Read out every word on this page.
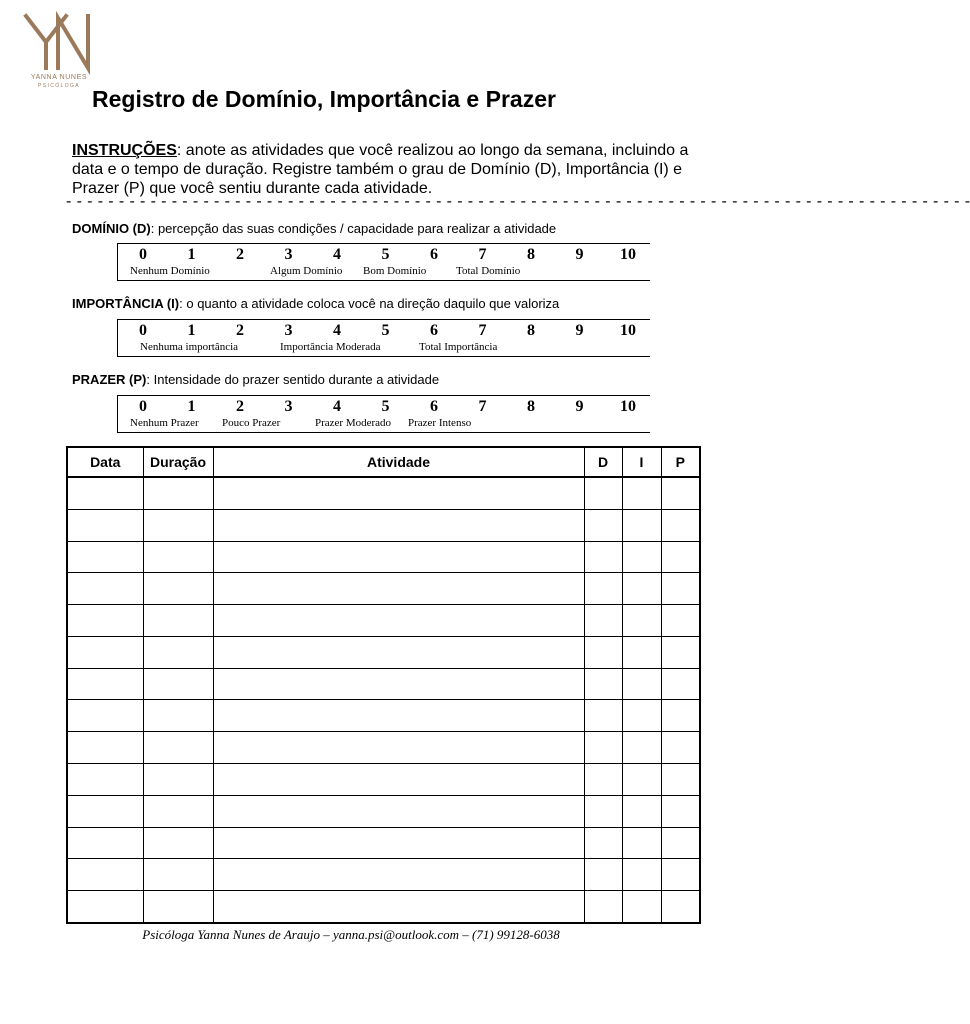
YANNA NUNES
PSICÓLOGA Registro de Domínio, Importância e Prazer
INSTRUÇÕES: anote as atividades que você realizou ao longo da semana, incluindo a data e o tempo de duração. Registre também o grau de Domínio (D), Importância (I) e Prazer (P) que você sentiu durante cada atividade.
- - - - - - - - - - - - - - - - - - - - - - - - - - - - - - - - - - - - - - - - - - - - - - - - - - - - - - - - - - - - - - - - - - - - - - - - - - - - - - - - - - - - - -
DOMÍNIO (D): percepção das suas condições / capacidade para realizar a atividade
Nenhum Domínio	Algum Domínio Bom Domínio	Total Domínio
0	1	2	3	4	5	6	7	8	9	10
IMPORTÂNCIA (I): o quanto a atividade coloca você na direção daquilo que valoriza
Nenhuma importância	Importância Moderada	Total Importância
0	1	2	3	4	5	6	7	8	9	10
PRAZER (P): Intensidade do prazer sentido durante a atividade
Nenhum Prazer Pouco Prazer	Prazer Moderado Prazer Intenso
0	1	2	3	4	5	6	7	8	9	10
Data	Duração	Atividade	D	I	P

Psicóloga Yanna Nunes de Araujo – yanna.psi@outlook.com – (71) 99128-6038
